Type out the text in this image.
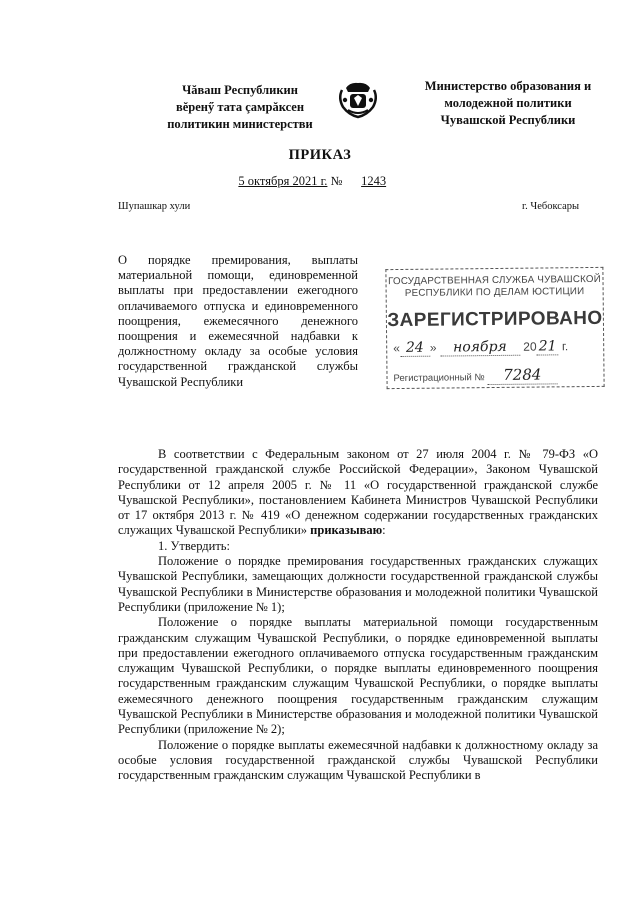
Чăваш Республикин
вĕренӳ тата çамрăксен
политикин министерстви
Министерство образования и
молодежной политики
Чувашской Республики
ПРИКАЗ
5 октября 2021 г. № 1243
Шупашкар хули	г. Чебоксары

О порядке премирования, выплаты материальной помощи, единовременной выплаты при предоставлении ежегодного оплачиваемого отпуска и единовременного поощрения, ежемесячного денежного поощрения и ежемесячной надбавки к должностному окладу за особые условия государственной гражданской службы Чувашской Республики

ГОСУДАРСТВЕННАЯ СЛУЖБА ЧУВАШСКОЙ
РЕСПУБЛИКИ ПО ДЕЛАМ ЮСТИЦИИ
ЗАРЕГИСТРИРОВАНО
« 24 » ноября 20 21 г.
Регистрационный № 7284

В соответствии с Федеральным законом от 27 июля 2004 г. № 79-ФЗ «О государственной гражданской службе Российской Федерации», Законом Чувашской Республики от 12 апреля 2005 г. № 11 «О государственной гражданской службе Чувашской Республики», постановлением Кабинета Министров Чувашской Республики от 17 октября 2013 г. № 419 «О денежном содержании государственных гражданских служащих Чувашской Республики» приказываю:

1. Утвердить:

Положение о порядке премирования государственных гражданских служащих Чувашской Республики, замещающих должности государственной гражданской службы Чувашской Республики в Министерстве образования и молодежной политики Чувашской Республики (приложение № 1);

Положение о порядке выплаты материальной помощи государственным гражданским служащим Чувашской Республики, о порядке единовременной выплаты при предоставлении ежегодного оплачиваемого отпуска государственным гражданским служащим Чувашской Республики, о порядке выплаты единовременного поощрения государственным гражданским служащим Чувашской Республики, о порядке выплаты ежемесячного денежного поощрения государственным гражданским служащим Чувашской Республики в Министерстве образования и молодежной политики Чувашской Республики (приложение № 2);

Положение о порядке выплаты ежемесячной надбавки к должностному окладу за особые условия государственной гражданской службы Чувашской Республики государственным гражданским служащим Чувашской Республики в
